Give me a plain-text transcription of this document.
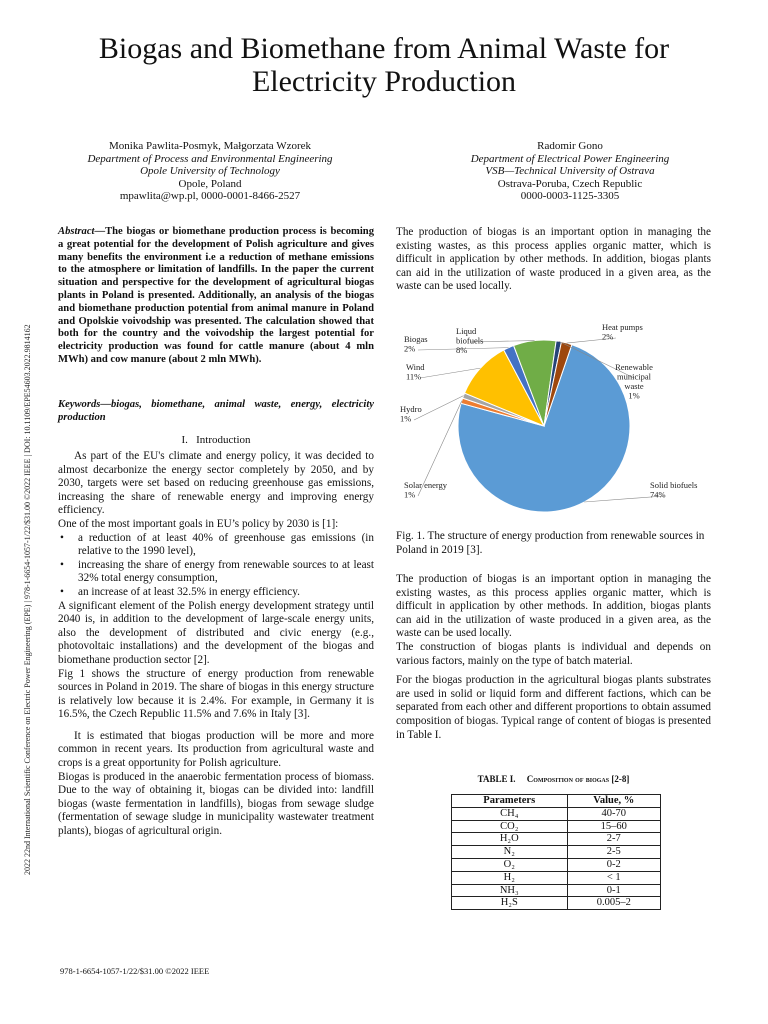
Biogas and Biomethane from Animal Waste for Electricity Production
2022 22nd International Scientific Conference on Electric Power Engineering (EPE) | 978-1-6654-1057-1/22/$31.00 ©2022 IEEE | DOI: 10.1109/EPE54603.2022.9814162
Monika Pawlita-Posmyk, Małgorzata Wzorek
Department of Process and Environmental Engineering
Opole University of Technology
Opole, Poland
mpawlita@wp.pl, 0000-0001-8466-2527
Radomir Gono
Department of Electrical Power Engineering
VSB—Technical University of Ostrava
Ostrava-Poruba, Czech Republic
0000-0003-1125-3305
Abstract—The biogas or biomethane production process is becoming a great potential for the development of Polish agriculture and gives many benefits the environment i.e a reduction of methane emissions to the atmosphere or limitation of landfills. In the paper the current situation and perspective for the development of agricultural biogas plants in Poland is presented. Additionally, an analysis of the biogas and biomethane production potential from animal manure in Poland and Opolskie voivodship was presented. The calculation showed that both for the country and the voivodship the largest potential for electricity production was found for cattle manure (about 4 mln MWh) and cow manure (about 2 mln MWh).
Keywords—biogas, biomethane, animal waste, energy, electricity production
I. Introduction

As part of the EU's climate and energy policy, it was decided to almost decarbonize the energy sector completely by 2050, and by 2030, targets were set based on reducing greenhouse gas emissions, increasing the share of renewable energy and improving energy efficiency.

One of the most important goals in EU’s policy by 2030 is [1]:

• a reduction of at least 40% of greenhouse gas emissions (in relative to the 1990 level),
• increasing the share of energy from renewable sources to at least 32% total energy consumption,
• an increase of at least 32.5% in energy efficiency.

A significant element of the Polish energy development strategy until 2040 is, in addition to the development of large-scale energy units, also the development of distributed and civic energy (e.g., photovoltaic installations) and the development of the biogas and biomethane production sector [2].

Fig 1 shows the structure of energy production from renewable sources in Poland in 2019. The share of biogas in this energy structure is relatively low because it is 2.4%. For example, in Germany it is 16.5%, the Czech Republic 11.5% and 7.6% in Italy [3].

It is estimated that biogas production will be more and more common in recent years. Its production from agricultural waste and crops is a great opportunity for Polish agriculture.

Biogas is produced in the anaerobic fermentation process of biomass. Due to the way of obtaining it, biogas can be divided into: landfill biogas (waste fermentation in landfills), biogas from sewage sludge (fermentation of sewage sludge in municipality wastewater treatment plants), biogas of agricultural origin.

The production of biogas is an important option in managing the existing wastes, as this process applies organic matter, which is difficult in application by other methods. In addition, biogas plants can aid in the utilization of waste produced in a given area, as the waste can be used locally.
Solid biofuels 74%
Solar energy 1%
Hydro 1%
Wind 11%
Biogas 2%
Liqud biofuels 8%
Renewable municipal waste 1%
Heat pumps 2%
Fig. 1. The structure of energy production from renewable sources in Poland in 2019 [3].

The production of biogas is an important option in managing the existing wastes, as this process applies organic matter, which is difficult in application by other methods. In addition, biogas plants can aid in the utilization of waste produced in a given area, as the waste can be used locally.

The construction of biogas plants is individual and depends on various factors, mainly on the type of batch material.

For the biogas production in the agricultural biogas plants substrates are used in solid or liquid form and different factions, which can be separated from each other and different proportions to obtain assumed composition of biogas. Typical range of content of biogas is presented in Table I.

TABLE I. Composition of biogas [2-8]
Parameters	Value, %
CH₄	40-70
CO₂	15–60
H₂O	2-7
N₂	2-5
O₂	0-2
H₂	< 1
NH₃	0-1
H₂S	0.005–2
978-1-6654-1057-1/22/$31.00 ©2022 IEEE
